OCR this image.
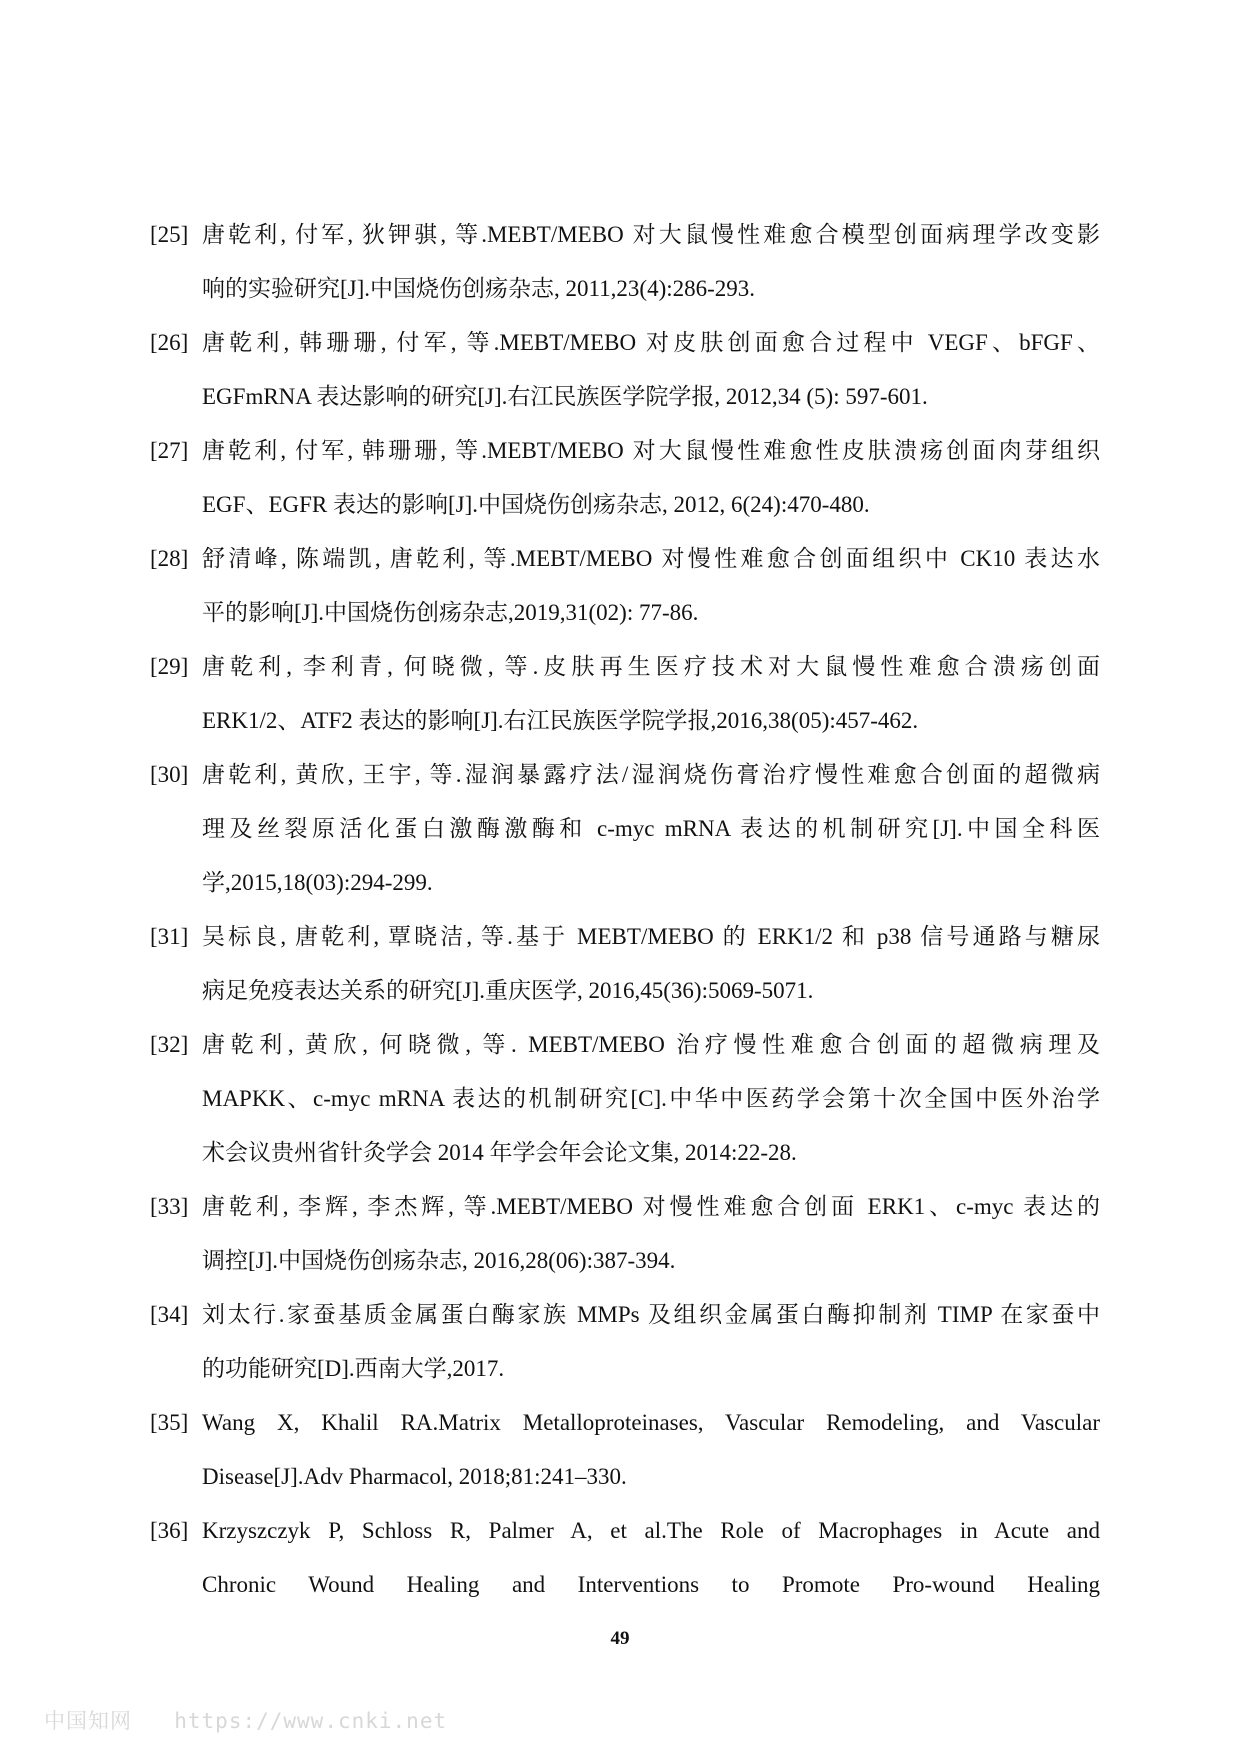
[25] 唐乾利, 付军, 狄钾骐, 等.MEBT/MEBO 对大鼠慢性难愈合模型创面病理学改变影
响的实验研究[J].中国烧伤创疡杂志, 2011,23(4):286-293.
[26] 唐乾利, 韩珊珊, 付军, 等.MEBT/MEBO 对皮肤创面愈合过程中 VEGF、bFGF、
EGFmRNA 表达影响的研究[J].右江民族医学院学报, 2012,34 (5): 597-601.
[27] 唐乾利, 付军, 韩珊珊, 等.MEBT/MEBO 对大鼠慢性难愈性皮肤溃疡创面肉芽组织
EGF、EGFR 表达的影响[J].中国烧伤创疡杂志, 2012, 6(24):470-480.
[28] 舒清峰, 陈端凯, 唐乾利, 等.MEBT/MEBO 对慢性难愈合创面组织中 CK10 表达水
平的影响[J].中国烧伤创疡杂志,2019,31(02): 77-86.
[29] 唐乾利, 李利青, 何晓微, 等.皮肤再生医疗技术对大鼠慢性难愈合溃疡创面
ERK1/2、ATF2 表达的影响[J].右江民族医学院学报,2016,38(05):457-462.
[30] 唐乾利, 黄欣, 王宇, 等.湿润暴露疗法/湿润烧伤膏治疗慢性难愈合创面的超微病
理及丝裂原活化蛋白激酶激酶和 c-myc mRNA 表达的机制研究[J].中国全科医
学,2015,18(03):294-299.
[31] 吴标良, 唐乾利, 覃晓洁, 等.基于 MEBT/MEBO 的 ERK1/2 和 p38 信号通路与糖尿
病足免疫表达关系的研究[J].重庆医学, 2016,45(36):5069-5071.
[32] 唐乾利, 黄欣, 何晓微, 等. MEBT/MEBO 治疗慢性难愈合创面的超微病理及
MAPKK、c-myc mRNA 表达的机制研究[C].中华中医药学会第十次全国中医外治学
术会议贵州省针灸学会 2014 年学会年会论文集, 2014:22-28.
[33] 唐乾利, 李辉, 李杰辉, 等.MEBT/MEBO 对慢性难愈合创面 ERK1、c-myc 表达的
调控[J].中国烧伤创疡杂志, 2016,28(06):387-394.
[34] 刘太行.家蚕基质金属蛋白酶家族 MMPs 及组织金属蛋白酶抑制剂 TIMP 在家蚕中
的功能研究[D].西南大学,2017.
[35] Wang X, Khalil RA.Matrix Metalloproteinases, Vascular Remodeling, and Vascular
Disease[J].Adv Pharmacol, 2018;81:241–330.
[36] Krzyszczyk P, Schloss R, Palmer A, et al.The Role of Macrophages in Acute and
Chronic Wound Healing and Interventions to Promote Pro-wound Healing
49
中国知网 https://www.cnki.net
